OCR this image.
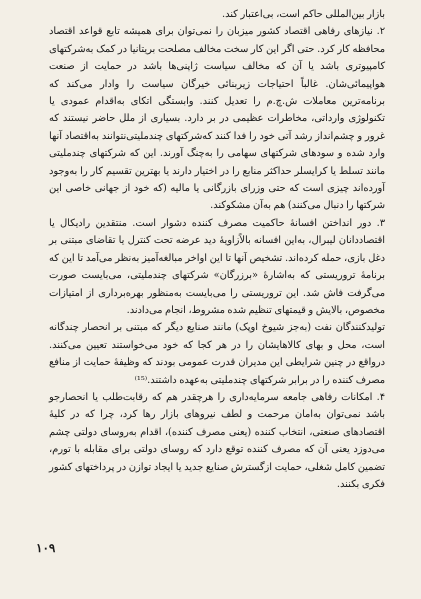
بازار بین‌المللی حاکم است، بی‌اعتبار کند.

۲. نیازهای رفاهی اقتصاد کشور میزبان را نمی‌توان برای همیشه تابع قواعد اقتصاد محافظه کار کرد. حتی اگر این کار سخت مخالف مصلحت بریتانیا در کمک به‌شرکتهای کامپیوتری باشد یا آن که مخالف سیاست ژاپنی‌ها باشد در حمایت از صنعت هواپیمائی‌شان. غالباً احتیاجات زیربنائی خیرگان سیاست را وادار می‌کند که برنامه‌ترین معاملات ش.چ.م را تعدیل کنند. وابستگی اتکای به‌اقدام عمودی یا تکنولوژی وارداتی، مخاطرات عظیمی در بر دارد. بسیاری از ملل حاضر نیستند که غرور و چشم‌انداز رشد آتی خود را فدا کنند که‌شرکتهای چندملیتی‌نتوانند به‌اقتصاد آنها وارد شده و سودهای شرکتهای سهامی را به‌چنگ آورند. این که شرکتهای چندملیتی مانند تسلط یا کرایسلر حداکثر منابع را در اختیار دارند یا بهترین تقسیم کار را به‌وجود آورده‌اند چیزی است که حتی وزرای بازرگانی یا مالیه (که خود از جهانی خاصی این شرکتها را دنبال می‌کنند) هم به‌آن مشکوکند.

۳. دور انداختن افسانهٔ حاکمیت مصرف کننده دشوار است. منتقدین رادیکال یا اقتصاددانان لیبرال، به‌این افسانه بالاًزاویهٔ دید عرضه تحت کنترل یا تقاضای مبتنی بر دغل بازی، حمله کرده‌اند. تشخیص آنها تا این اواخر مبالغه‌آمیز به‌نظر می‌آمد تا این که برنامهٔ تروریستی که به‌اشارهٔ «برزرگان» شرکتهای چندملیتی، می‌بایست صورت می‌گرفت فاش شد. این تروریستی را می‌بایست به‌منظور بهره‌برداری از امتیازات مخصوص، بالایش و قیمتهای تنظیم شده مشروط، انجام می‌دادند.

تولیدکنندگان نفت (به‌جز شیوخ اوپک) مانند صنایع دیگر که مبتنی بر انحصار چندگانه است، محل و بهای کالاهایشان را در هر کجا که خود می‌خواستند تعیین می‌کنند. درواقع در چنین شرایطی این مدیران قدرت عمومی بودند که وظیفهٔ حمایت از منافع مصرف کننده را در برابر شرکتهای چندملیتی به‌عهده داشتند.⁽¹⁵⁾

۴. امکانات رفاهی جامعه سرمایه‌داری را هرچقدر هم که رقابت‌طلب یا انحصارجو باشد نمی‌توان به‌امان مرحمت و لطف نیروهای بازار رها کرد، چرا که در کلیهٔ اقتصادهای صنعتی، انتخاب کننده (یعنی مصرف کننده)، اقدام به‌روسای دولتی چشم می‌دوزد یعنی آن که مصرف کننده توقع دارد که روسای دولتی برای مقابله با تورم، تضمین کامل شغلی، حمایت ازگسترش صنایع جدید یا ایجاد توازن در پرداختهای کشور فکری بکنند.

۱۰۹
